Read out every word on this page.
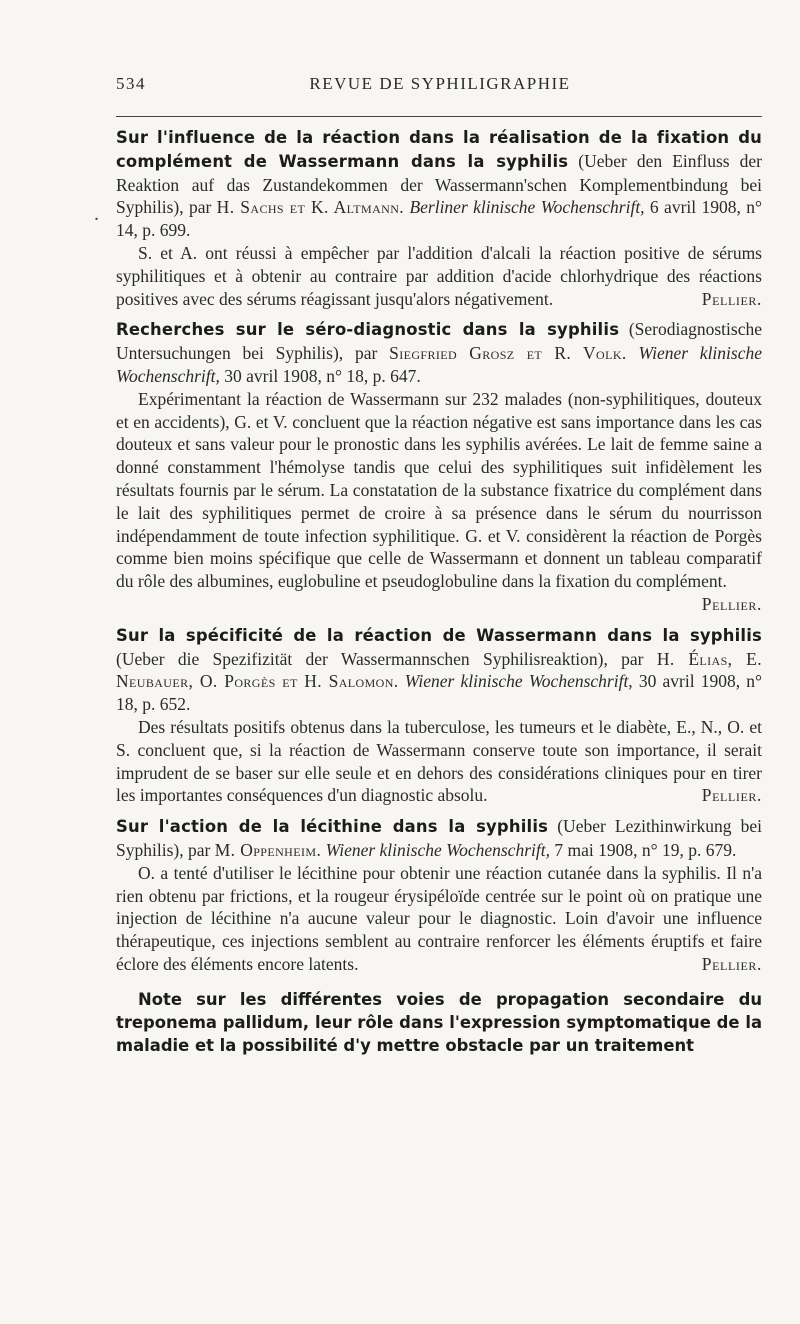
534	REVUE DE SYPHILIGRAPHIE
.

Sur l'influence de la réaction dans la réalisation de la fixation du complément de Wassermann dans la syphilis (Ueber den Einfluss der Reaktion auf das Zustandekommen der Wassermann'schen Komplementbindung bei Syphilis), par H. Sachs et K. Altmann. Berliner klinische Wochenschrift, 6 avril 1908, n° 14, p. 699.

S. et A. ont réussi à empêcher par l'addition d'alcali la réaction positive de sérums syphilitiques et à obtenir au contraire par addition d'acide chlorhydrique des réactions positives avec des sérums réagissant jusqu'alors négativement.	Pellier.

Recherches sur le séro-diagnostic dans la syphilis (Serodiagnostische Untersuchungen bei Syphilis), par Siegfried Grosz et R. Volk. Wiener klinische Wochenschrift, 30 avril 1908, n° 18, p. 647.

Expérimentant la réaction de Wassermann sur 232 malades (non-syphilitiques, douteux et en accidents), G. et V. concluent que la réaction négative est sans importance dans les cas douteux et sans valeur pour le pronostic dans les syphilis avérées. Le lait de femme saine a donné constamment l'hémolyse tandis que celui des syphilitiques suit infidèlement les résultats fournis par le sérum. La constatation de la substance fixatrice du complément dans le lait des syphilitiques permet de croire à sa présence dans le sérum du nourrisson indépendamment de toute infection syphilitique. G. et V. considèrent la réaction de Porgès comme bien moins spécifique que celle de Wassermann et donnent un tableau comparatif du rôle des albumines, euglobuline et pseudoglobuline dans la fixation du complément.
Pellier.

Sur la spécificité de la réaction de Wassermann dans la syphilis (Ueber die Spezifizität der Wassermannschen Syphilisreaktion), par H. Élias, E. Neubauer, O. Porgès et H. Salomon. Wiener klinische Wochenschrift, 30 avril 1908, n° 18, p. 652.

Des résultats positifs obtenus dans la tuberculose, les tumeurs et le diabète, E., N., O. et S. concluent que, si la réaction de Wassermann conserve toute son importance, il serait imprudent de se baser sur elle seule et en dehors des considérations cliniques pour en tirer les importantes conséquences d'un diagnostic absolu.	Pellier.

Sur l'action de la lécithine dans la syphilis (Ueber Lezithinwirkung bei Syphilis), par M. Oppenheim. Wiener klinische Wochenschrift, 7 mai 1908, n° 19, p. 679.

O. a tenté d'utiliser le lécithine pour obtenir une réaction cutanée dans la syphilis. Il n'a rien obtenu par frictions, et la rougeur érysipéloïde centrée sur le point où on pratique une injection de lécithine n'a aucune valeur pour le diagnostic. Loin d'avoir une influence thérapeutique, ces injections semblent au contraire renforcer les éléments éruptifs et faire éclore des éléments encore latents.	Pellier.

Note sur les différentes voies de propagation secondaire du treponema pallidum, leur rôle dans l'expression symptomatique de la maladie et la possibilité d'y mettre obstacle par un traitement
